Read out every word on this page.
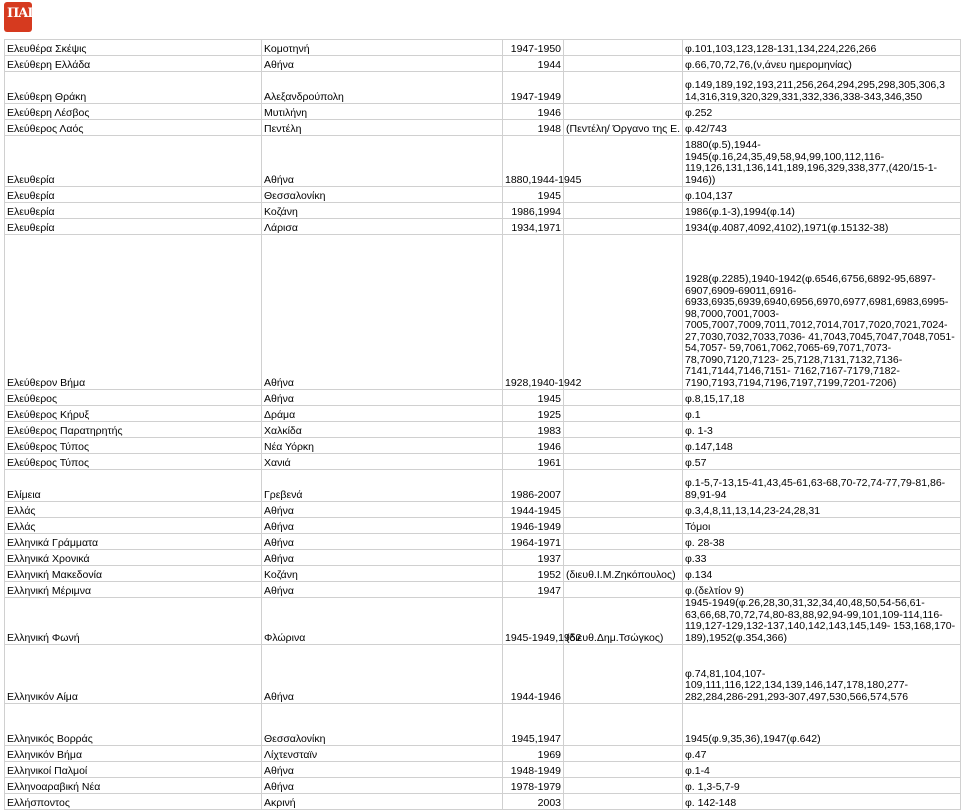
ΠΑΠ
Ελευθέρα Σκέψις	Κομοτηνή	1947-1950		φ.101,103,123,128-131,134,224,226,266
Ελεύθερη Ελλάδα	Αθήνα	1944		φ.66,70,72,76,(ν,άνευ ημερομηνίας)
Ελεύθερη Θράκη	Αλεξανδρούπολη	1947-1949		φ.149,189,192,193,211,256,264,294,295,298,305,306,3 14,316,319,320,329,331,332,336,338-343,346,350
Ελεύθερη Λέσβος	Μυτιλήνη	1946		φ.252
Ελεύθερος Λαός	Πεντέλη	1948	(Πεντέλη/ Όργανο της Ε.	φ.42/743
Ελευθερία	Αθήνα	1880,1944-1945		1880(φ.5),1944- 1945(φ.16,24,35,49,58,94,99,100,112,116- 119,126,131,136,141,189,196,329,338,377,(420/15-1- 1946))
Ελευθερία	Θεσσαλονίκη	1945		φ.104,137
Ελευθερία	Κοζάνη	1986,1994		1986(φ.1-3),1994(φ.14)
Ελευθερία	Λάρισα	1934,1971		1934(φ.4087,4092,4102),1971(φ.15132-38)
Ελεύθερον Βήμα	Αθήνα	1928,1940-1942		1928(φ.2285),1940-1942(φ.6546,6756,6892-95,6897- 6907,6909-69011,6916- 6933,6935,6939,6940,6956,6970,6977,6981,6983,6995- 98,7000,7001,7003- 7005,7007,7009,7011,7012,7014,7017,7020,7021,7024- 27,7030,7032,7033,7036- 41,7043,7045,7047,7048,7051-54,7057- 59,7061,7062,7065-69,7071,7073-78,7090,7120,7123- 25,7128,7131,7132,7136-7141,7144,7146,7151- 7162,7167-7179,7182- 7190,7193,7194,7196,7197,7199,7201-7206)
Ελεύθερος	Αθήνα	1945		φ.8,15,17,18
Ελεύθερος Κήρυξ	Δράμα	1925		φ.1
Ελεύθερος Παρατηρητής	Χαλκίδα	1983		φ. 1-3
Ελεύθερος Τύπος	Νέα Υόρκη	1946		φ.147,148
Ελεύθερος Τύπος	Χανιά	1961		φ.57
Ελίμεια	Γρεβενά	1986-2007		φ.1-5,7-13,15-41,43,45-61,63-68,70-72,74-77,79-81,86- 89,91-94
Ελλάς	Αθήνα	1944-1945		φ.3,4,8,11,13,14,23-24,28,31
Ελλάς	Αθήνα	1946-1949		Τόμοι
Ελληνικά Γράμματα	Αθήνα	1964-1971		φ. 28-38
Ελληνικά Χρονικά	Αθήνα	1937		φ.33
Ελληνική Μακεδονία	Κοζάνη	1952	(διευθ.Ι.Μ.Ζηκόπουλος)	φ.134
Ελληνική Μέριμνα	Αθήνα	1947		φ.(δελτίον 9)
Ελληνική Φωνή	Φλώρινα	1945-1949,1952	(διευθ.Δημ.Τσώγκος)	1945-1949(φ.26,28,30,31,32,34,40,48,50,54-56,61- 63,66,68,70,72,74,80-83,88,92,94-99,101,109-114,116- 119,127-129,132-137,140,142,143,145,149- 153,168,170-189),1952(φ.354,366)
Ελληνικόν Αίμα	Αθήνα	1944-1946		φ.74,81,104,107- 109,111,116,122,134,139,146,147,178,180,277- 282,284,286-291,293-307,497,530,566,574,576
Ελληνικός Βορράς	Θεσσαλονίκη	1945,1947		1945(φ.9,35,36),1947(φ.642)
Ελληνικόν Βήμα	Λίχτενσταϊν	1969		φ.47
Ελληνικοί Παλμοί	Αθήνα	1948-1949		φ.1-4
Ελληνοαραβική Νέα	Αθήνα	1978-1979		φ. 1,3-5,7-9
Ελλήσποντος	Ακρινή	2003		φ. 142-148
